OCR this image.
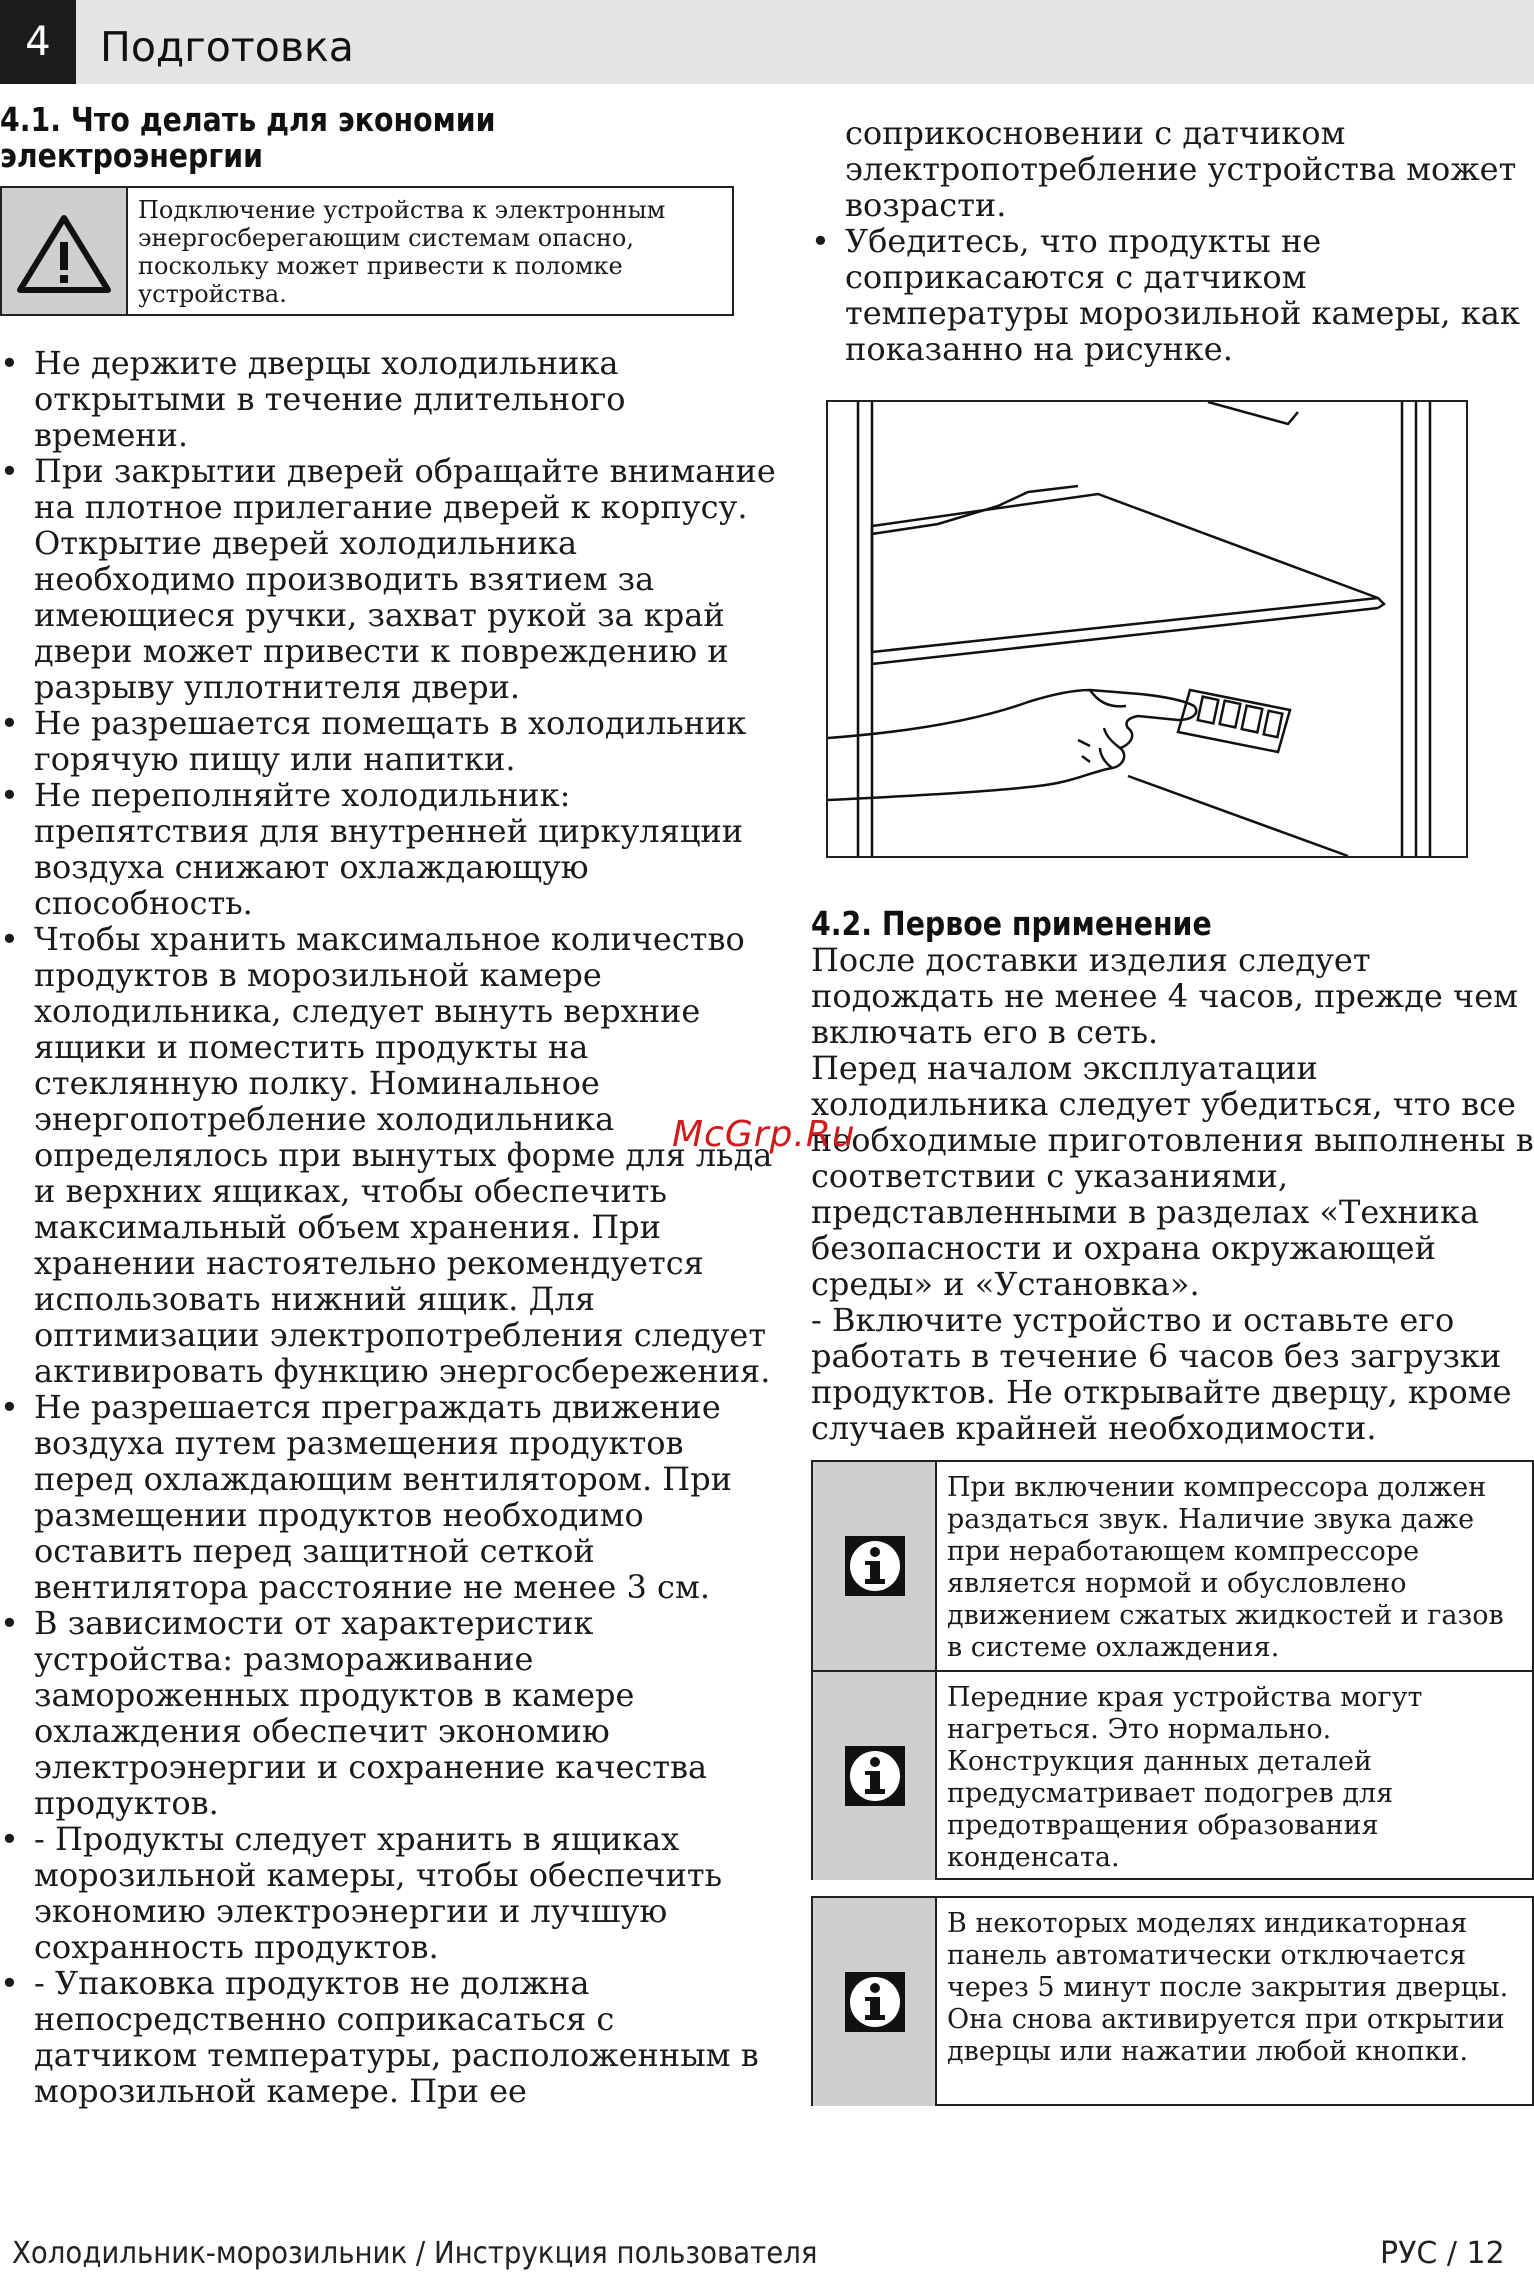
4	Подготовка
4.1. Что делать для экономии
электроэнергии
Подключение устройства к электронным энергосберегающим системам опасно, поскольку может привести к поломке устройства.
• Не держите дверцы холодильника открытыми в течение длительного времени.
• При закрытии дверей обращайте внимание на плотное прилегание дверей к корпусу. Открытие дверей холодильника необходимо производить взятием за имеющиеся ручки, захват рукой за край двери может привести к повреждению и разрыву уплотнителя двери.
• Не разрешается помещать в холодильник горячую пищу или напитки.
• Не переполняйте холодильник: препятствия для внутренней циркуляции воздуха снижают охлаждающую способность.
• Чтобы хранить максимальное количество продуктов в морозильной камере холодильника, следует вынуть верхние ящики и поместить продукты на стеклянную полку. Номинальное энергопотребление холодильника определялось при вынутых форме для льда и верхних ящиках, чтобы обеспечить максимальный объем хранения. При хранении настоятельно рекомендуется использовать нижний ящик. Для оптимизации электропотребления следует активировать функцию энергосбережения.
• Не разрешается преграждать движение воздуха путем размещения продуктов перед охлаждающим вентилятором. При размещении продуктов необходимо оставить перед защитной сеткой вентилятора расстояние не менее 3 см.
• В зависимости от характеристик устройства: размораживание замороженных продуктов в камере охлаждения обеспечит экономию электроэнергии и сохранение качества продуктов.
• - Продукты следует хранить в ящиках морозильной камеры, чтобы обеспечить экономию электроэнергии и лучшую сохранность продуктов.
• - Упаковка продуктов не должна непосредственно соприкасаться с датчиком температуры, расположенным в морозильной камере. При ее
соприкосновении с датчиком электропотребление устройства может возрасти.
• Убедитесь, что продукты не соприкасаются с датчиком температуры морозильной камеры, как показанно на рисунке.
4.2. Первое применение

После доставки изделия следует подождать не менее 4 часов, прежде чем включать его в сеть.

Перед началом эксплуатации холодильника следует убедиться, что все необходимые приготовления выполнены в соответствии с указаниями, представленными в разделах «Техника безопасности и охрана окружающей среды» и «Установка».

- Включите устройство и оставьте его работать в течение 6 часов без загрузки продуктов. Не открывайте дверцу, кроме случаев крайней необходимости.

При включении компрессора должен раздаться звук. Наличие звука даже при неработающем компрессоре является нормой и обусловлено движением сжатых жидкостей и газов в системе охлаждения.
Передние края устройства могут нагреться. Это нормально. Конструкция данных деталей предусматривает подогрев для предотвращения образования конденсата.
В некоторых моделях индикаторная панель автоматически отключается через 5 минут после закрытия дверцы. Она снова активируется при открытии дверцы или нажатии любой кнопки.
McGrp.Ru
Холодильник-морозильник / Инструкция пользователя	РУС / 12
